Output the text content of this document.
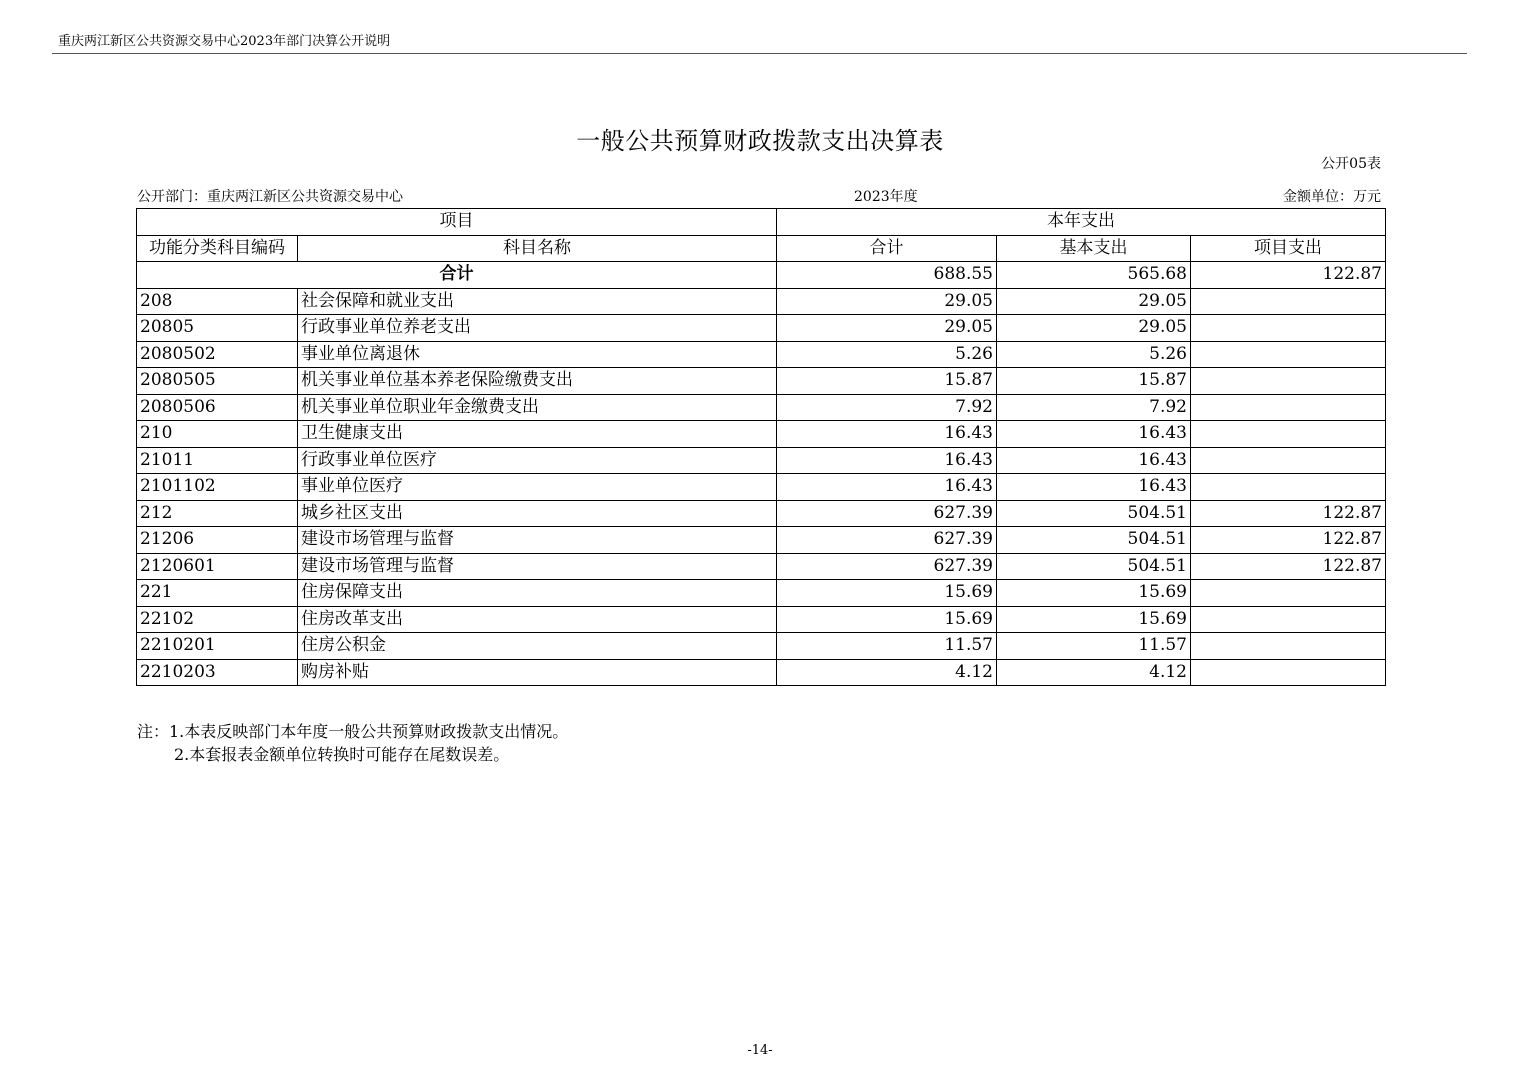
重庆两江新区公共资源交易中心2023年部门决算公开说明
一般公共预算财政拨款支出决算表
公开05表
公开部门：重庆两江新区公共资源交易中心	2023年度	金额单位：万元
项目		本年支出		
功能分类科目编码	科目名称	合计	基本支出	项目支出
合计		688.55	565.68	122.87
208	社会保障和就业支出	29.05	29.05	
20805	行政事业单位养老支出	29.05	29.05	
2080502	事业单位离退休	5.26	5.26	
2080505	机关事业单位基本养老保险缴费支出	15.87	15.87	
2080506	机关事业单位职业年金缴费支出	7.92	7.92	
210	卫生健康支出	16.43	16.43	
21011	行政事业单位医疗	16.43	16.43	
2101102	事业单位医疗	16.43	16.43	
212	城乡社区支出	627.39	504.51	122.87
21206	建设市场管理与监督	627.39	504.51	122.87
2120601	建设市场管理与监督	627.39	504.51	122.87
221	住房保障支出	15.69	15.69	
22102	住房改革支出	15.69	15.69	
2210201	住房公积金	11.57	11.57	
2210203	购房补贴	4.12	4.12	
注：1.本表反映部门本年度一般公共预算财政拨款支出情况。
2.本套报表金额单位转换时可能存在尾数误差。
-14-
